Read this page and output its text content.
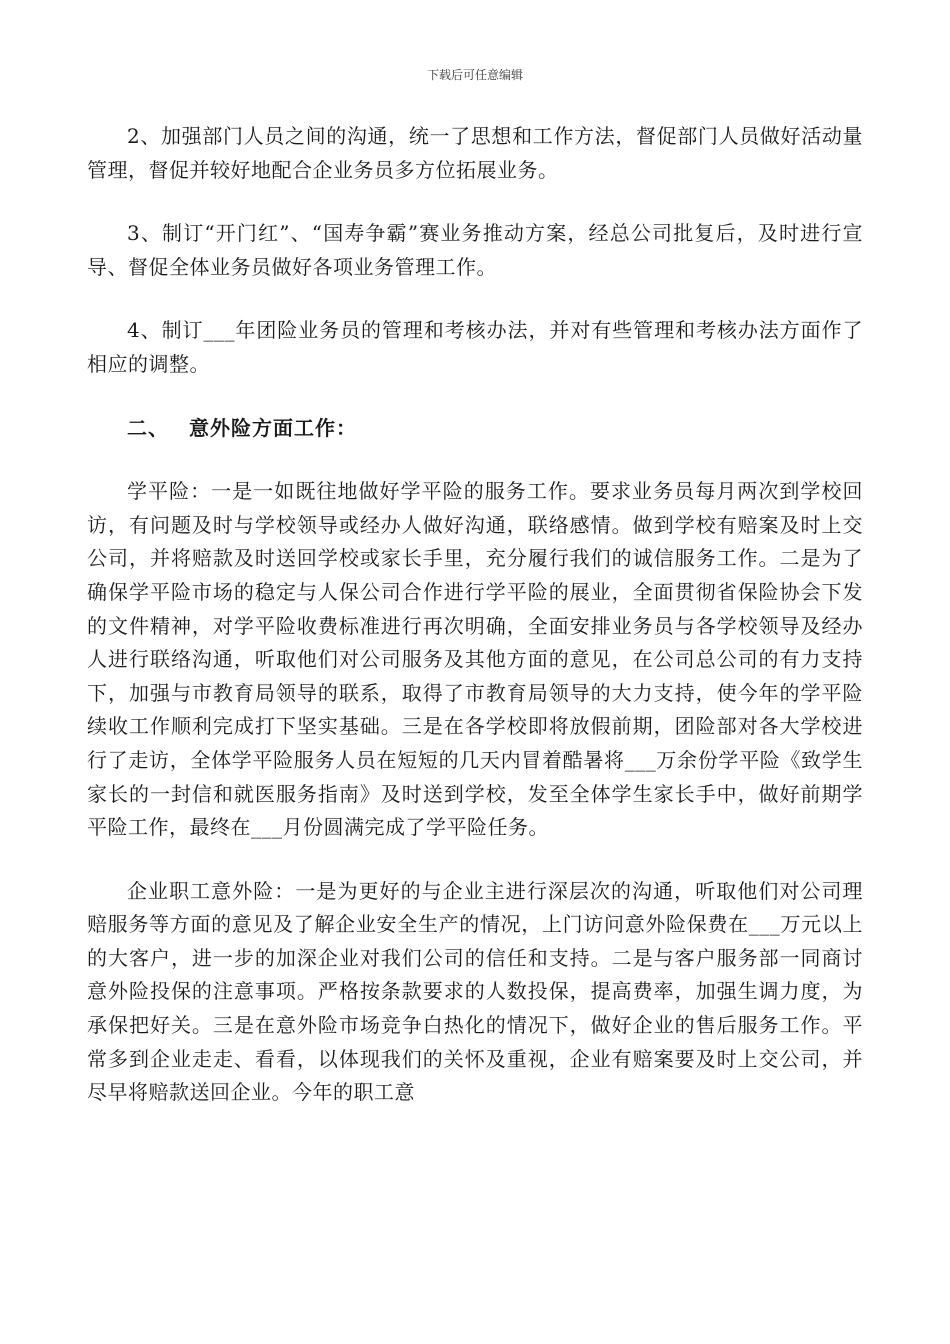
下载后可任意编辑

2、加强部门人员之间的沟通，统一了思想和工作方法，督促部门人员做好活动量管理，督促并较好地配合企业务员多方位拓展业务。

3、制订“开门红”、“国寿争霸”赛业务推动方案，经总公司批复后，及时进行宣导、督促全体业务员做好各项业务管理工作。

4、制订___年团险业务员的管理和考核办法，并对有些管理和考核办法方面作了相应的调整。

二、 意外险方面工作：

学平险：一是一如既往地做好学平险的服务工作。要求业务员每月两次到学校回访，有问题及时与学校领导或经办人做好沟通，联络感情。做到学校有赔案及时上交公司，并将赔款及时送回学校或家长手里，充分履行我们的诚信服务工作。二是为了确保学平险市场的稳定与人保公司合作进行学平险的展业，全面贯彻省保险协会下发的文件精神，对学平险收费标准进行再次明确，全面安排业务员与各学校领导及经办人进行联络沟通，听取他们对公司服务及其他方面的意见，在公司总公司的有力支持下，加强与市教育局领导的联系，取得了市教育局领导的大力支持，使今年的学平险续收工作顺利完成打下坚实基础。三是在各学校即将放假前期，团险部对各大学校进行了走访，全体学平险服务人员在短短的几天内冒着酷暑将___万余份学平险《致学生家长的一封信和就医服务指南》及时送到学校，发至全体学生家长手中，做好前期学平险工作，最终在___月份圆满完成了学平险任务。

企业职工意外险：一是为更好的与企业主进行深层次的沟通，听取他们对公司理赔服务等方面的意见及了解企业安全生产的情况，上门访问意外险保费在___万元以上的大客户，进一步的加深企业对我们公司的信任和支持。二是与客户服务部一同商讨意外险投保的注意事项。严格按条款要求的人数投保，提高费率，加强生调力度，为承保把好关。三是在意外险市场竞争白热化的情况下，做好企业的售后服务工作。平常多到企业走走、看看，以体现我们的关怀及重视，企业有赔案要及时上交公司，并尽早将赔款送回企业。今年的职工意
